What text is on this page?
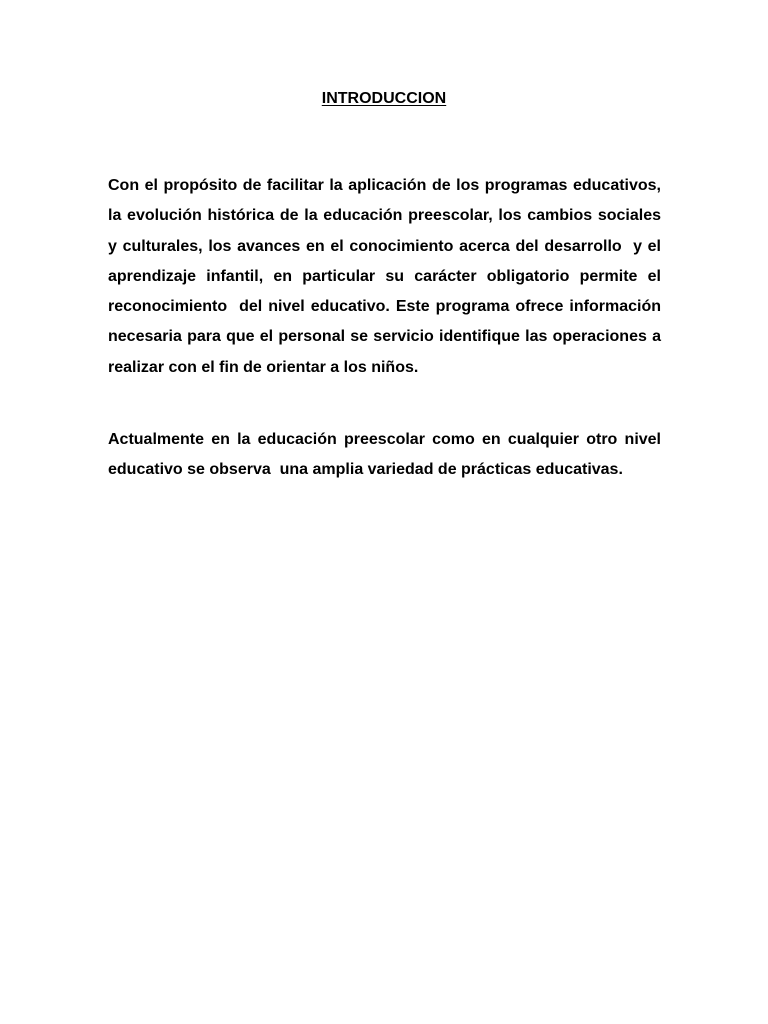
INTRODUCCION

Con el propósito de facilitar la aplicación de los programas educativos, la evolución histórica de la educación preescolar, los cambios sociales y culturales, los avances en el conocimiento acerca del desarrollo  y el aprendizaje infantil, en particular su carácter obligatorio permite el reconocimiento  del nivel educativo. Este programa ofrece información necesaria para que el personal se servicio identifique las operaciones a realizar con el fin de orientar a los niños.

Actualmente en la educación preescolar como en cualquier otro nivel educativo se observa  una amplia variedad de prácticas educativas.
